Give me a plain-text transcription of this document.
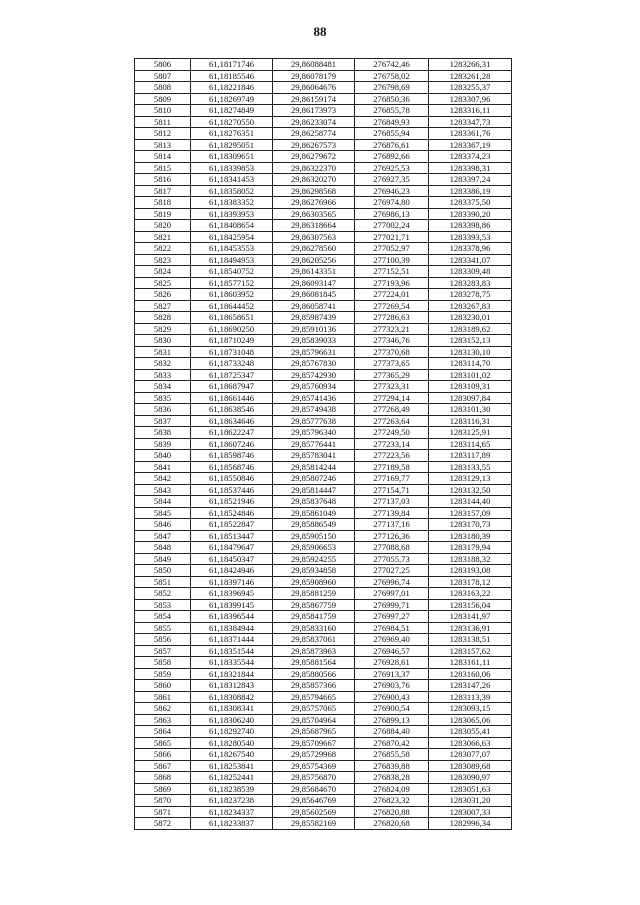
88
5806	61,18171746	29,86088481	276742,46	1283266,31
5807	61,18185546	29,86078179	276758,02	1283261,28
5808	61,18221846	29,86064676	276798,69	1283255,37
5809	61,18269749	29,86159174	276850,36	1283307,96
5810	61,18274849	29,86173973	276855,78	1283316,11
5811	61,18270550	29,86233074	276849,93	1283347,73
5812	61,18276351	29,86258774	276855,94	1283361,76
5813	61,18295051	29,86267573	276876,61	1283367,19
5814	61,18309651	29,86279672	276892,66	1283374,23
5815	61,18339853	29,86322370	276925,53	1283398,31
5816	61,18341453	29,86320270	276927,35	1283397,24
5817	61,18358052	29,86298568	276946,23	1283386,19
5818	61,18383352	29,86276966	276974,80	1283375,50
5819	61,18393953	29,86303565	276986,13	1283390,20
5820	61,18408654	29,86318664	277002,24	1283398,86
5821	61,18425954	29,86307563	277021,71	1283393,53
5822	61,18453553	29,86278560	277052,97	1283378,96
5823	61,18494953	29,86205256	277100,39	1283341,07
5824	61,18540752	29,86143351	277152,51	1283309,48
5825	61,18577152	29,86093147	277193,96	1283283,83
5826	61,18603952	29,86081845	277224,01	1283278,75
5827	61,18644452	29,86058741	277269,54	1283267,83
5828	61,18658651	29,85987439	277286,63	1283230,01
5829	61,18690250	29,85910136	277323,21	1283189,62
5830	61,18710249	29,85839033	277346,76	1283152,13
5831	61,18731048	29,85796631	277370,68	1283130,10
5832	61,18733248	29,85767830	277373,65	1283114,70
5833	61,18725347	29,85742930	277365,29	1283101,02
5834	61,18687947	29,85760934	277323,31	1283109,31
5835	61,18661446	29,85741436	277294,14	1283097,84
5836	61,18638546	29,85749438	277268,49	1283101,30
5837	61,18634646	29,85777638	277263,64	1283116,31
5838	61,18622247	29,85796340	277249,50	1283125,91
5839	61,18607246	29,85776441	277233,14	1283114,65
5840	61,18598746	29,85783041	277223,56	1283117,89
5841	61,18568746	29,85814244	277189,58	1283133,55
5842	61,18550846	29,85807246	277169,77	1283129,13
5843	61,18537446	29,85814447	277154,71	1283132,50
5844	61,18521946	29,85837648	277137,03	1283144,40
5845	61,18524846	29,85861049	277139,84	1283157,09
5846	61,18522847	29,85886549	277137,16	1283170,73
5847	61,18513447	29,85905150	277126,36	1283180,39
5848	61,18479647	29,85906653	277088,68	1283179,94
5849	61,18450347	29,85924255	277055,73	1283188,32
5850	61,18424946	29,85934858	277027,25	1283193,08
5851	61,18397146	29,85908960	276996,74	1283178,12
5852	61,18396945	29,85881259	276997,01	1283163,22
5853	61,18399145	29,85867759	276999,71	1283156,04
5854	61,18396544	29,85841759	276997,27	1283141,97
5855	61,18384944	29,85833160	276984,51	1283136,91
5856	61,18371444	29,85837061	276969,40	1283138,51
5857	61,18351544	29,85873963	276946,57	1283157,62
5858	61,18335544	29,85881564	276928,61	1283161,11
5859	61,18321844	29,85880566	276913,37	1283160,06
5860	61,18312843	29,85857366	276903,76	1283147,26
5861	61,18308842	29,85794665	276900,43	1283113,39
5862	61,18308341	29,85757065	276900,54	1283093,15
5863	61,18306240	29,85704964	276899,13	1283065,06
5864	61,18292740	29,85687965	276884,40	1283055,41
5865	61,18280540	29,85709667	276870,42	1283066,63
5866	61,18267540	29,85729968	276855,58	1283077,07
5867	61,18253841	29,85754369	276839,88	1283089,68
5868	61,18252441	29,85756870	276838,28	1283090,97
5869	61,18238539	29,85684670	276824,09	1283051,63
5870	61,18237238	29,85646769	276823,32	1283031,20
5871	61,18234337	29,85602569	276820,88	1283007,33
5872	61,18233837	29,85582169	276820,68	1282996,34
